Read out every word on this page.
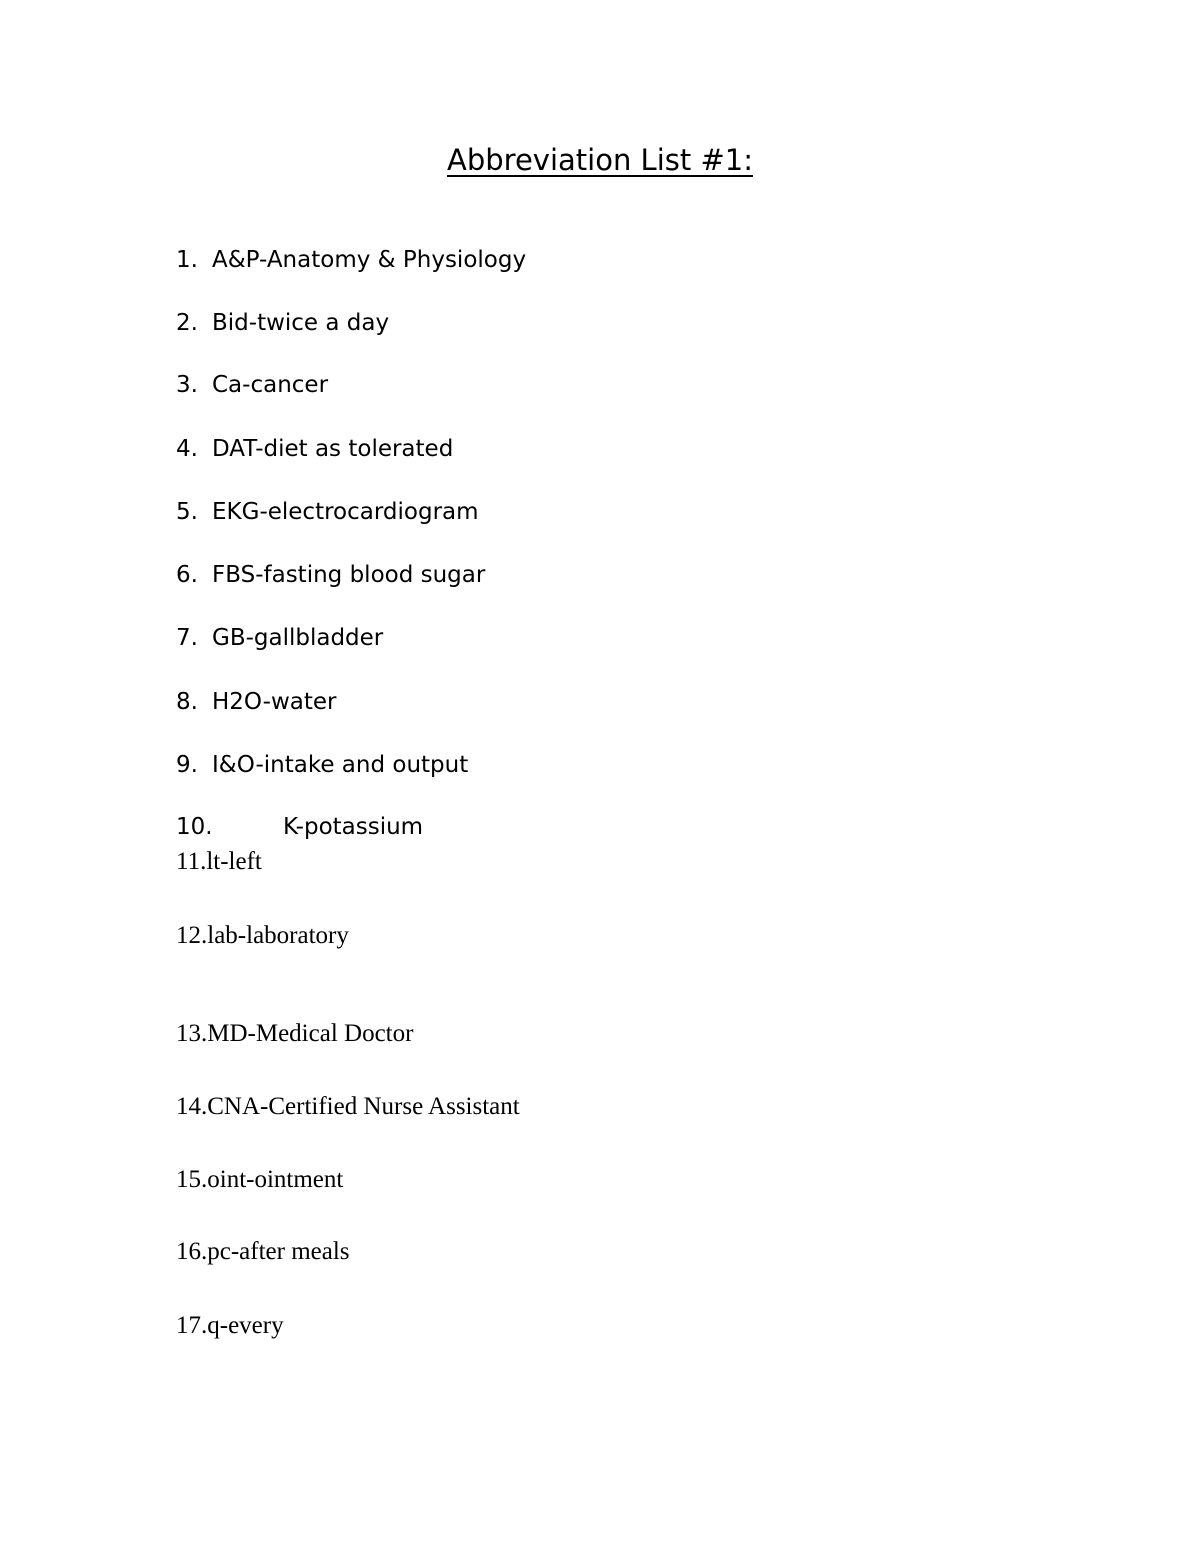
Abbreviation List #1:

1. A&P-Anatomy & Physiology

2. Bid-twice a day

3. Ca-cancer

4. DAT-diet as tolerated

5. EKG-electrocardiogram

6. FBS-fasting blood sugar

7. GB-gallbladder

8. H2O-water

9. I&O-intake and output

10.	K-potassium

11.lt-left

12.lab-laboratory

13.MD-Medical Doctor

14.CNA-Certified Nurse Assistant

15.oint-ointment

16.pc-after meals

17.q-every
